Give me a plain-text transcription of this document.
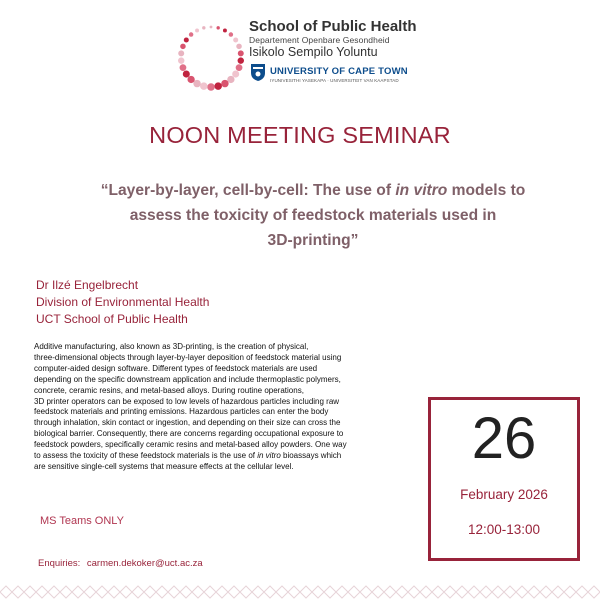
School of Public Health
Departement Openbare Gesondheid
Isikolo Sempilo Yoluntu
UNIVERSITY OF CAPE TOWN
IYUNIVESITHI YASEKAPA · UNIVERSITEIT VAN KAAPSTAD
NOON MEETING SEMINAR
“Layer-by-layer, cell-by-cell: The use of in vitro models to
assess the toxicity of feedstock materials used in
3D-printing”
Dr Ilzé Engelbrecht
Division of Environmental Health
UCT School of Public Health
Additive manufacturing, also known as 3D-printing, is the creation of physical,
three-dimensional objects through layer-by-layer deposition of feedstock material using
computer-aided design software. Different types of feedstock materials are used
depending on the specific downstream application and include thermoplastic polymers,
concrete, ceramic resins, and metal-based alloys. During routine operations,
3D printer operators can be exposed to low levels of hazardous particles including raw
feedstock materials and printing emissions. Hazardous particles can enter the body
through inhalation, skin contact or ingestion, and depending on their size can cross the
biological barrier. Consequently, there are concerns regarding occupational exposure to
feedstock powders, specifically ceramic resins and metal-based alloy powders. One way
to assess the toxicity of these feedstock materials is the use of in vitro bioassays which
are sensitive single-cell systems that measure effects at the cellular level.
MS Teams ONLY
Enquiries: carmen.dekoker@uct.ac.za
26
February 2026
12:00-13:00
